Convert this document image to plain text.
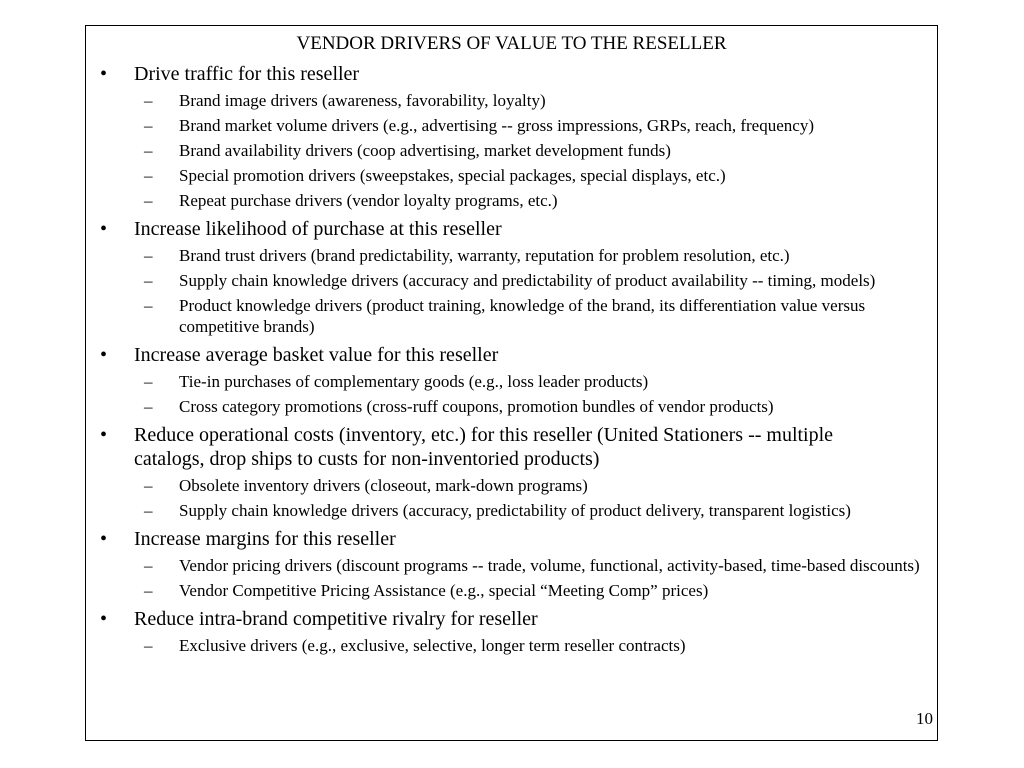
VENDOR DRIVERS OF VALUE TO THE RESELLER
• Drive traffic for this reseller
– Brand image drivers (awareness, favorability, loyalty)
– Brand market volume drivers (e.g., advertising -- gross impressions, GRPs, reach, frequency)
– Brand availability drivers (coop advertising, market development funds)
– Special promotion drivers (sweepstakes, special packages, special displays, etc.)
– Repeat purchase drivers (vendor loyalty programs, etc.)
• Increase likelihood of purchase at this reseller
– Brand trust drivers (brand predictability, warranty, reputation for problem resolution, etc.)
– Supply chain knowledge drivers (accuracy and predictability of product availability -- timing, models)
– Product knowledge drivers (product training, knowledge of the brand, its differentiation value versus competitive brands)
• Increase average basket value for this reseller
– Tie-in purchases of complementary goods (e.g., loss leader products)
– Cross category promotions (cross-ruff coupons, promotion bundles of vendor products)
• Reduce operational costs (inventory, etc.) for this reseller (United Stationers -- multiple catalogs, drop ships to custs for non-inventoried products)
– Obsolete inventory drivers (closeout, mark-down programs)
– Supply chain knowledge drivers (accuracy, predictability of product delivery, transparent logistics)
• Increase margins for this reseller
– Vendor pricing drivers (discount programs -- trade, volume, functional, activity-based, time-based discounts)
– Vendor Competitive Pricing Assistance (e.g., special “Meeting Comp” prices)
• Reduce intra-brand competitive rivalry for reseller
– Exclusive drivers (e.g., exclusive, selective, longer term reseller contracts)
10
